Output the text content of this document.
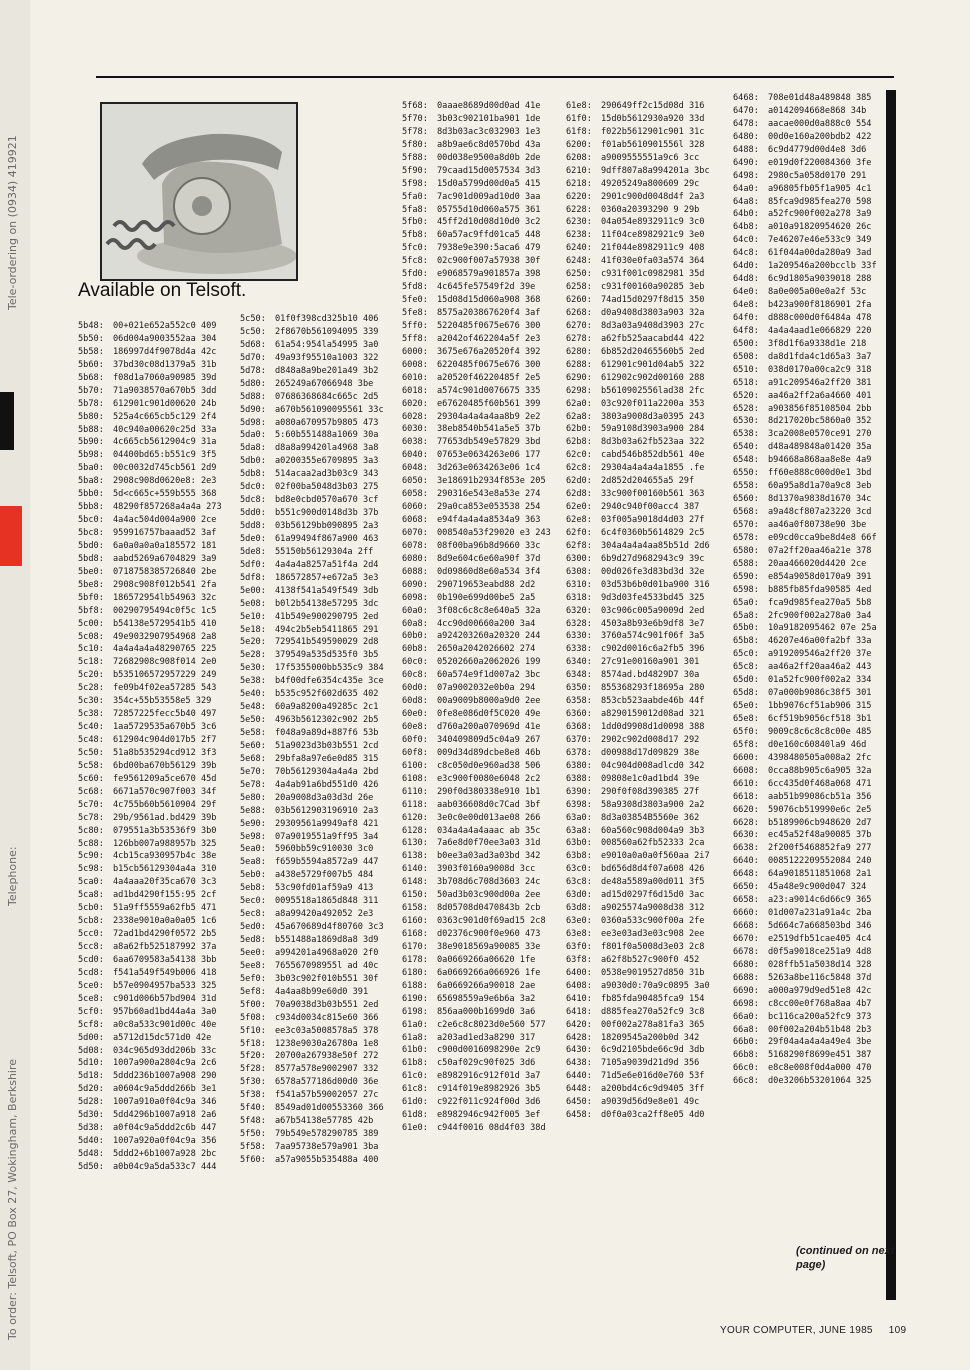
Tele-ordering on (0934) 419921
Telephone:
To order: Telsoft, PO Box 27, Wokingham, Berkshire
Available on Telsoft.
5b48: 00+021e652a552c0 409
5b50: 06d004a9003552aa 304
5b58: 186997d4f9078d4a 42c
5b60: 37bd30c08d1379a5 31b
5b68: f08d1a7060a90985 39d
5b70: 71a9038570a670b5 3dd
5b78: 612901c901d00620 24b
5b80: 525a4c665cb5c129 2f4
5b88: 40c940a00620c25d 33a
5b90: 4c665cb5612904c9 31a
5b98: 04400bd65:b551c9 3f5
5ba0: 00c0032d745cb561 2d9
5ba8: 2908c908d0620e8: 2e3
5bb0: 5d<c665c+559b555 368
5bb8: 48290f857268a4a4a 273
5bc0: 4a4ac504d004a900 2ce
5bc8: 959916757baaad52 3af
5bd0: 6a0a0a0a0a185572 181
5bd8: aabd5269a6704829 3a9
5be0: 0718758385726840 2be
5be8: 2908c908f012b541 2fa
5bf0: 186572954lb54963 32c
5bf8: 00290795494c0f5c 1c5
5c00: b54138e5729541b5 410
5c08: 49e9032907954968 2a8
5c10: 4a4a4a4a48290765 225
5c18: 72682908c908f014 2e0
5c20: b535106572957229 249
5c28: fe09b4f02ea57285 543
5c30: 354c+55b53558e5 329
5c38: 72857225fecc5b40 497
5c40: 1aa5729535a670b5 3c6
5c48: 612904c904d017b5 2f7
5c50: 51a8b535294cd912 3f3
5c58: 6bd00ba670b56129 39b
5c60: fe9561209a5ce670 45d
5c68: 6671a570c907f003 34f
5c70: 4c755b60b5610904 29f
5c78: 29b/9561ad.bd429 39b
5c80: 079551a3b53536f9 3b0
5c88: 126bb007a988957b 325
5c90: 4cb15ca930957b4c 38e
5c98: b15cb56129304a4a 310
5ca0: 4a4aaa20f35ca670 3c3
5ca8: ad1bd4290f155:95 2cf
5cb0: 51a9ff5559a62fb5 471
5cb8: 2338e9010a0a0a05 1c6
5cc0: 72ad1bd4290f0572 2b5
5cc8: a8a62fb525187992 37a
5cd0: 6aa6709583a54138 3bb
5cd8: f541a549f549b006 418
5ce0: b57e0904957ba533 325
5ce8: c901d006b57bd904 31d
5cf0: 957b60ad1bd44a4a 3a0
5cf8: a0c8a533c901d00c 40e
5d00: a5712d15dc571d0 42e
5d08: 034c965d93dd206b 33c
5d10: 1007a900a2804c9a 2c6
5d18: 5ddd236b1007a908 290
5d20: a0604c9a5ddd266b 3e1
5d28: 1007a910a0f04c9a 346
5d30: 5dd4296b1007a918 2a6
5d38: a0f04c9a5ddd2c6b 447
5d40: 1007a920a0f04c9a 356
5d48: 5ddd2+6b1007a928 2bc
5d50: a0b04c9a5da533c7 444
5c50: 01f0f398cd325b10 406
5c50: 2f8670b561094095 339
5d68: 61a54:954la54995 3a0
5d70: 49a93f95510a1003 322
5d78: d848a8a9be201a49 3b2
5d80: 265249a67066948 3be
5d88: 07686368684c665c 2d5
5d90: a670b561090095561 33c
5d98: a080a670957b9805 473
5da0: 5:60b551488a1069 30a
5da8: d8a8a99420la4968 3a8
5db0: a0200355e6709895 3a3
5db8: 514acaa2ad3b03c9 343
5dc0: 02f00ba5048d3b03 275
5dc8: bd8e0cbd0570a670 3cf
5dd0: b551c900d0148d3b 37b
5dd8: 03b56129bb090895 2a3
5de0: 61a99494f867a900 463
5de8: 55150b56129304a 2ff
5df0: 4a4a4a8257a51f4a 2d4
5df8: 186572857+e672a5 3e3
5e00: 4138f541a549f549 3db
5e08: b0l2b54138e57295 3dc
5e10: 41b549e900290795 2ed
5e18: 494c2b5eb5411865 291
5e20: 729541b549590029 2d8
5e28: 379549a535d535f0 3b5
5e30: 17f5355000bb535c9 384
5e38: b4f00dfe6354c435e 3ce
5e40: b535c952f602d635 402
5e48: 60a9a8200a49285c 2c1
5e50: 4963b5612302c902 2b5
5e58: f048a9a89d+887f6 53b
5e60: 51a9023d3b03b551 2cd
5e68: 29bfa8a97e6e0d85 315
5e70: 70b56129304a4a4a 2bd
5e78: 4a4ab91a6bd551d0 426
5e80: 20a9008d3a03d3d 26e
5e88: 03b5612903196910 2a3
5e90: 29309561a9949af8 421
5e98: 07a9019551a9ff95 3a4
5ea0: 5960bb59c910030 3c0
5ea8: f659b5594a8572a9 447
5eb0: a438e5729f007b5 484
5eb8: 53c90fd01af59a9 413
5ec0: 0095518a1865d848 311
5ec8: a8a99420a492052 2e3
5ed0: 45a670689d4f80760 3c3
5ed8: b551488a1869d8a8 3d9
5ee0: a994201a4968a020 2f0
5ee8: 765567098955l ad 40c
5ef0: 3b03c902f010b551 30f
5ef8: 4a4aa8b99e60d0 391
5f00: 70a9038d3b03b551 2ed
5f08: c934d0034c815e60 366
5f10: ee3c03a5008578a5 378
5f18: 1238e9030a26780a 1e8
5f20: 20700a267938e50f 272
5f28: 8577a578e9002907 332
5f30: 6578a577186d00d0 36e
5f38: f541a57b59002057 27c
5f40: 8549ad01d00553360 366
5f48: a67b54138e57785 42b
5f50: 79b549e578290785 389
5f58: 7aa95738e579a901 3ba
5f60: a57a9055b535488a 400
5f68: 0aaae8689d00d0ad 41e
5f70: 3b03c902101ba901 1de
5f78: 8d3b03ac3c032903 1e3
5f80: a8b9ae6c8d0570bd 43a
5f88: 00d038e9500a8d0b 2de
5f90: 79caad15d0057534 3d3
5f98: 15d0a5799d00d0a5 415
5fa0: 7ac901d009ad10d0 3aa
5fa8: 05755d10d060a575 361
5fb0: 45ff2d10d08d10d0 3c2
5fb8: 60a57ac9ffd01ca5 448
5fc0: 7938e9e390:5aca6 479
5fc8: 02c900f007a57938 30f
5fd0: e9068579a901857a 398
5fd8: 4c645fe57549f2d 39e
5fe0: 15d08d15d060a908 368
5fe8: 8575a203867620f4 3af
5ff0: 5220485f0675e676 300
5ff8: a2042of462204a5f 2e3
6000: 3675e676a20520f4 392
6008: 6220485f0675e676 300
6010: a20520f46220485f 2e5
6018: a574c901d0076675 335
6020: e67620485f60b561 399
6028: 29304a4a4a4aa8b9 2e2
6030: 38eb8540b541a5e5 37b
6038: 77653db549e57829 3bd
6040: 07653e0634263e06 177
6048: 3d263e0634263e06 1c4
6050: 3e18691b2934f853e 205
6058: 290316e543e8a53e 274
6060: 29a0ca853e053538 254
6068: e94f4a4a4a8534a9 363
6070: 008540a53f29020 e3 243
6078: 08f00ba96b8d9660 33c
6080: 8d9e604c6e60a90f 37d
6088: 0d09860d8e60a534 3f4
6090: 290719653eabd88 2d2
6098: 0b190e699d00be5 2a5
60a0: 3f08c6c8c8e640a5 32a
60a8: 4cc90d00660a200 3a4
60b0: a924203260a20320 244
60b8: 2650a2042026602 274
60c0: 05202660a2062026 199
60c8: 60a574e9f1d007a2 3bc
60d0: 07a9002032e0b0a 294
60d8: 00a9009b8000a9d0 2ee
60e0: 0fe8e086d0f5C020 49e
60e8: d760a200a070969d 41e
60f0: 340409809d5c04a9 267
60f8: 009d34d89dcbe8e8 46b
6100: c8c050d0e960ad38 506
6108: e3c900f0080e6048 2c2
6110: 290f0d380338e910 1b1
6118: aab036608d0c7Cad 3bf
6120: 3e0c0e00d013ae08 266
6128: 034a4a4a4aaac ab 35c
6130: 7a6e8d0f70ee3a03 31d
6138: b0ee3a03ad3a03bd 342
6140: 3903f0160a9008d 3cc
6148: 3b708d6c708d3603 24c
6150: 50ad3b03c900d00a 2ee
6158: 8d05708d0470843b 2cb
6160: 0363c901d0f69ad15 2c8
6168: d02376c900f0e960 473
6170: 38e9018569a90085 33e
6178: 0a0669266a06620 1fe
6180: 6a0669266a066926 1fe
6188: 6a0669266a90018 2ae
6190: 65698559a9e6b6a 3a2
6198: 856aa000b1699d0 3a6
61a0: c2e6c8c8023d0e560 577
61a8: a203ad1ed3a8290 317
61b0: c900d0016098290e 2c9
61b8: c50af029c90f025 3d6
61c0: e8982916c912f01d 3a7
61c8: c914f019e8982926 3b5
61d0: c922f011c924f00d 3d6
61d8: e8982946c942f005 3ef
61e0: c944f0016 08d4f03 38d
61e8: 290649ff2c15d08d 316
61f0: 15d0b5612930a920 33d
61f8: f022b5612901c901 31c
6200: f01ab5610901556l 328
6208: a9009555551a9c6 3cc
6210: 9dff807a8a994201a 3bc
6218: 49205249a800609 29c
6220: 2901c900d0048d4f 2a3
6228: 0360a20393290 9 29b
6230: 04a054e8932911c9 3c0
6238: 11f04ce8982921c9 3e0
6240: 21f044e8982911c9 408
6248: 41f030e0fa03a574 364
6250: c931f001c0982981 35d
6258: c931f00160a90285 3eb
6260: 74ad15d0297f8d15 350
6268: d0a9408d3803a903 32a
6270: 8d3a03a9408d3903 27c
6278: a62fb525aacabd44 422
6280: 6b852d20465560b5 2ed
6288: 612901c901d04ab5 322
6290: 612902c902d00160 288
6298: b5610902556lad38 2fc
62a0: 03c920f011a2200a 353
62a8: 3803a9008d3a0395 243
62b0: 59a9108d3903a900 284
62b8: 8d3b03a62fb523aa 322
62c0: cabd546b852db561 40e
62c8: 29304a4a4a4a1855 .fe
62d0: 2d852d204655a5 29f
62d8: 33c900f00160b561 363
62e0: 2940c940f00acc4 387
62e8: 03f005a9018d4d03 27f
62f0: 6c4f0360b5614829 2c5
62f8: 304a4a4a4aa85b51d 2d6
6300: 6b9d27d9682943c9 39c
6308: 00d026fe3d83bd3d 32e
6310: 03d53b6b0d01ba900 316
6318: 9d3d03fe4533bd45 325
6320: 03c906c005a9009d 2ed
6328: 4503a8b93e6b9df8 3e7
6330: 3760a574c901f06f 3a5
6338: c902d0016c6a2fb5 396
6340: 27c91e00160a901 301
6348: 8574ad.bd4829D7 30a
6350: 855368293f18695a 280
6358: 853cb523aabde46b 44f
6360: a8290159012d08ad 321
6368: 1dd0d9908d1d0098 388
6370: 2902c902d008d17 292
6378: d00988d17d09829 38e
6380: 04c904d008adlcd0 342
6388: 09808e1c0ad1bd4 39e
6390: 290f0f08d390385 27f
6398: 58a9308d3803a900 2a2
63a0: 8d3a03854B5560e 362
63a8: 60a560c908d004a9 3b3
63b0: 008560a62fb52333 2ca
63b8: e9010a0a0a0f560aa 2i7
63c0: bd656d8d4f07a608 426
63c8: de48a5589a00d011 3f5
63d0: ad15d0297f6d15d0 3ac
63d8: a9025574a9008d38 312
63e0: 0360a533c900f00a 2fe
63e8: ee3e03ad3e03c908 2ee
63f0: f801f0a5008d3e03 2c8
63f8: a62f8b527c900f0 452
6400: 0538e9019527d850 31b
6408: a9030d0:70a9c0895 3a0
6410: fb85fda90485fca9 154
6418: d885fea270a52fc9 3c8
6420: 00f002a278a81fa3 365
6428: 18209545a200b0d 342
6430: 6c9d2105bde66c9d 3db
6438: 7105a9039d21d9d 356
6440: 71d5e6e016d0e760 53f
6448: a200bd4c6c9d9405 3ff
6450: a9039d56d9e8e01 49c
6458: d0f0a03ca2ff8e05 4d0
6468: 708e01d48a489848 385
6470: a0142094668e868 34b
6478: aacae000d0a888c0 554
6480: 00d0e160a200bdb2 422
6488: 6c9d4779d00d4e8 3d6
6490: e019d0f220084360 3fe
6498: 2980c5a058d0170 291
64a0: a96805fb05f1a905 4c1
64a8: 85fca9d985fea270 598
64b0: a52fc900f002a278 3a9
64b8: a010a91820954620 26c
64c0: 7e46207e46e533c9 349
64c8: 61f044a00da280a9 3ad
64d0: 1a209546a200bcclb 33f
64d8: 6c9d1805a9039018 288
64e0: 8a0e005a00e0a2f 53c
64e8: b423a900f8186901 2fa
64f0: d888c000d0f6484a 478
64f8: 4a4a4aad1e066829 220
6500: 3f8d1f6a9338d1e 218
6508: da8d1fda4c1d65a3 3a7
6510: 038d0170a00ca2c9 318
6518: a91c209546a2ff20 381
6520: aa46a2ff2a6a4660 401
6528: a903856f85108504 2bb
6530: 8d217020bc5860a0 352
6538: 3ca2008e0570ce91 270
6540: d48a489848a01420 35a
6548: b94668a868aa8e8e 4a9
6550: ff60e888c000d0e1 3bd
6558: 60a95a8d1a70a9c8 3eb
6560: 8d1370a9838d1670 34c
6568: a9a48cf807a23220 3cd
6570: aa46a0f80738e90 3be
6578: e09cd0cca9be8d4e8 66f
6580: 07a2ff20aa46a21e 378
6588: 20aa466020d4420 2ce
6590: e854a9058d0170a9 391
6598: b885fb85fda90585 4ed
65a0: fca9d985fea270a5 5b8
65a8: 2fc900f002a278a0 3a4
65b0: 10a9182095462 07e 25a
65b8: 46207e46a00fa2bf 33a
65c0: a919209546a2ff20 37e
65c8: aa46a2ff20aa46a2 443
65d0: 01a52fc900f002a2 334
65d8: 07a000b9086c38f5 301
65e0: 1bb9076cf51ab906 315
65e8: 6cf519b9056cf518 3b1
65f0: 9009c8c6c8c8c00e 485
65f8: d0e160c60840la9 46d
6600: 4398480505a008a2 2fc
6608: 0cca88b905c6a905 32a
6610: 6cc435d0f468a068 471
6618: aab51b99086cb51a 356
6620: 59076cb519990e6c 2e5
6628: b5189906cb948620 2d7
6630: ec45a52f48a90085 37b
6638: 2f200f5468852fa9 277
6640: 0085122209552084 240
6648: 64a9018511851068 2a1
6650: 45a48e9c900d047 324
6658: a23:a9014c6d66c9 365
6660: 01d007a231a91a4c 2ba
6668: 5d664c7a668503bd 346
6670: e2519dfb51cae405 4c4
6678: d0f5a9018ce251a9 4d8
6680: 028ffb51a5038d14 328
6688: 5263a8be116c5848 37d
6690: a000a979d9ed51e8 42c
6698: c8cc00e0f768a8aa 4b7
66a0: bc116ca200a52fc9 373
66a8: 00f002a204b51b48 2b3
66b0: 29f04a4a4a4a49e4 3be
66b8: 5168290f8699e451 387
66c0: e8c8e008f0d4a000 470
66c8: d0e3206b53201064 325
(continued on next page)
YOUR COMPUTER, JUNE 1985 109
